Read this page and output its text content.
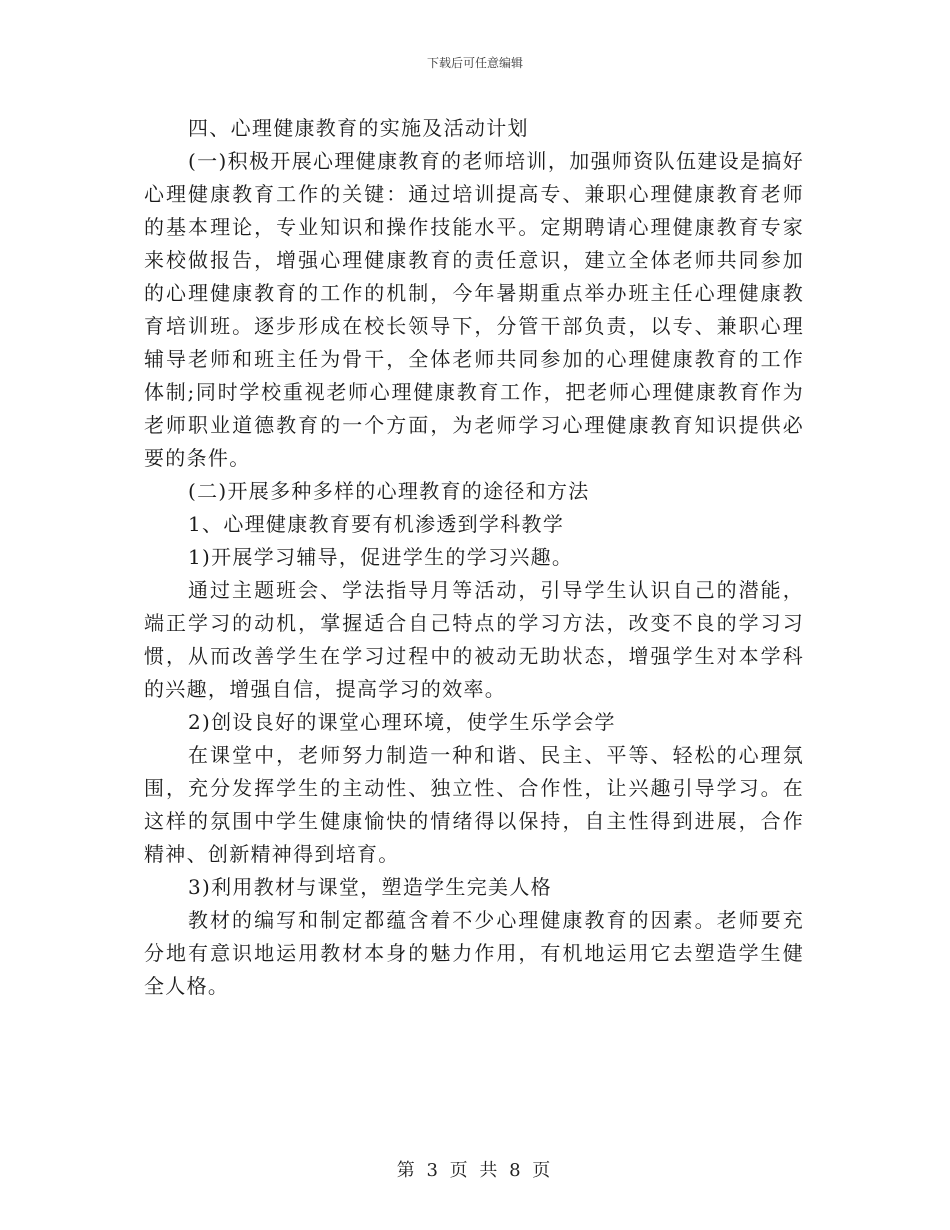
下载后可任意编辑

四、心理健康教育的实施及活动计划

(一)积极开展心理健康教育的老师培训，加强师资队伍建设是搞好心理健康教育工作的关键：通过培训提高专、兼职心理健康教育老师的基本理论，专业知识和操作技能水平。定期聘请心理健康教育专家来校做报告，增强心理健康教育的责任意识，建立全体老师共同参加的心理健康教育的工作的机制，今年暑期重点举办班主任心理健康教育培训班。逐步形成在校长领导下，分管干部负责，以专、兼职心理辅导老师和班主任为骨干，全体老师共同参加的心理健康教育的工作体制;同时学校重视老师心理健康教育工作，把老师心理健康教育作为老师职业道德教育的一个方面，为老师学习心理健康教育知识提供必要的条件。

(二)开展多种多样的心理教育的途径和方法

1、心理健康教育要有机渗透到学科教学

1)开展学习辅导，促进学生的学习兴趣。

通过主题班会、学法指导月等活动，引导学生认识自己的潜能，端正学习的动机，掌握适合自己特点的学习方法，改变不良的学习习惯，从而改善学生在学习过程中的被动无助状态，增强学生对本学科的兴趣，增强自信，提高学习的效率。

2)创设良好的课堂心理环境，使学生乐学会学

在课堂中，老师努力制造一种和谐、民主、平等、轻松的心理氛围，充分发挥学生的主动性、独立性、合作性，让兴趣引导学习。在这样的氛围中学生健康愉快的情绪得以保持，自主性得到进展，合作精神、创新精神得到培育。

3)利用教材与课堂，塑造学生完美人格

教材的编写和制定都蕴含着不少心理健康教育的因素。老师要充分地有意识地运用教材本身的魅力作用，有机地运用它去塑造学生健全人格。

第 3 页 共 8 页
